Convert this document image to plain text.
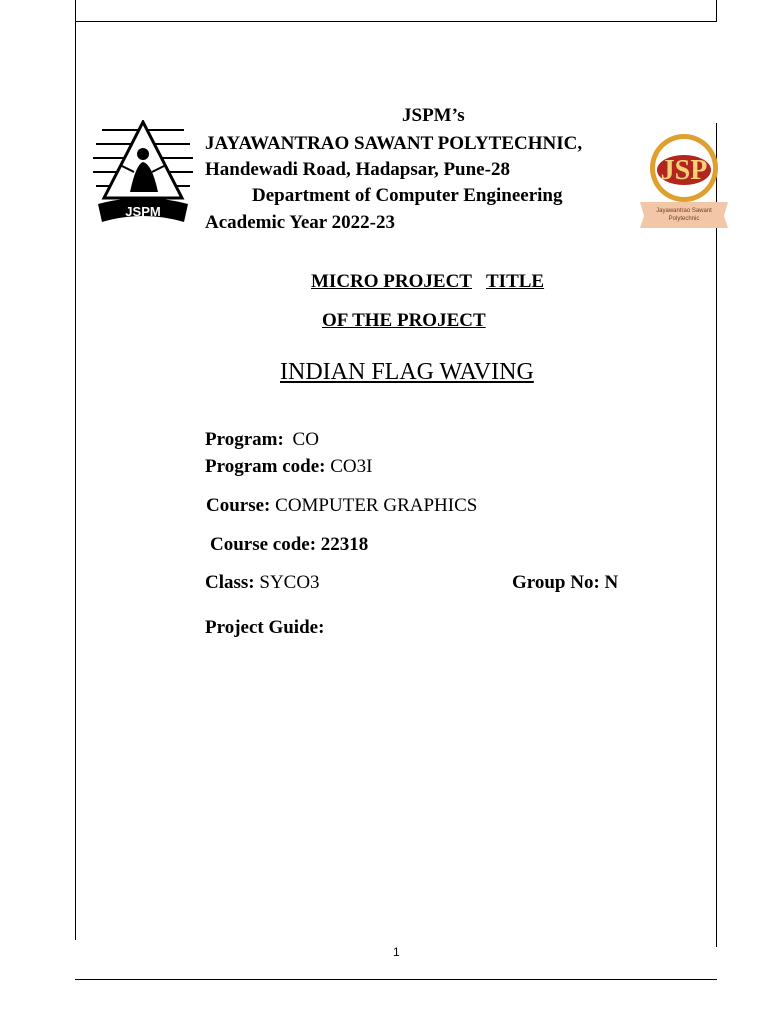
JSPM
JSP
Jayawantrao Sawant
Polytechnic
JSPM’s
JAYAWANTRAO SAWANT POLYTECHNIC,
Handewadi Road, Hadapsar, Pune-28
Department of Computer Engineering
Academic Year 2022-23
MICRO PROJECT TITLE
OF THE PROJECT
INDIAN FLAG WAVING
Program: CO
Program code: CO3I
Course: COMPUTER GRAPHICS
Course code: 22318
Class: SYCO3	Group No: N
Project Guide:
1
